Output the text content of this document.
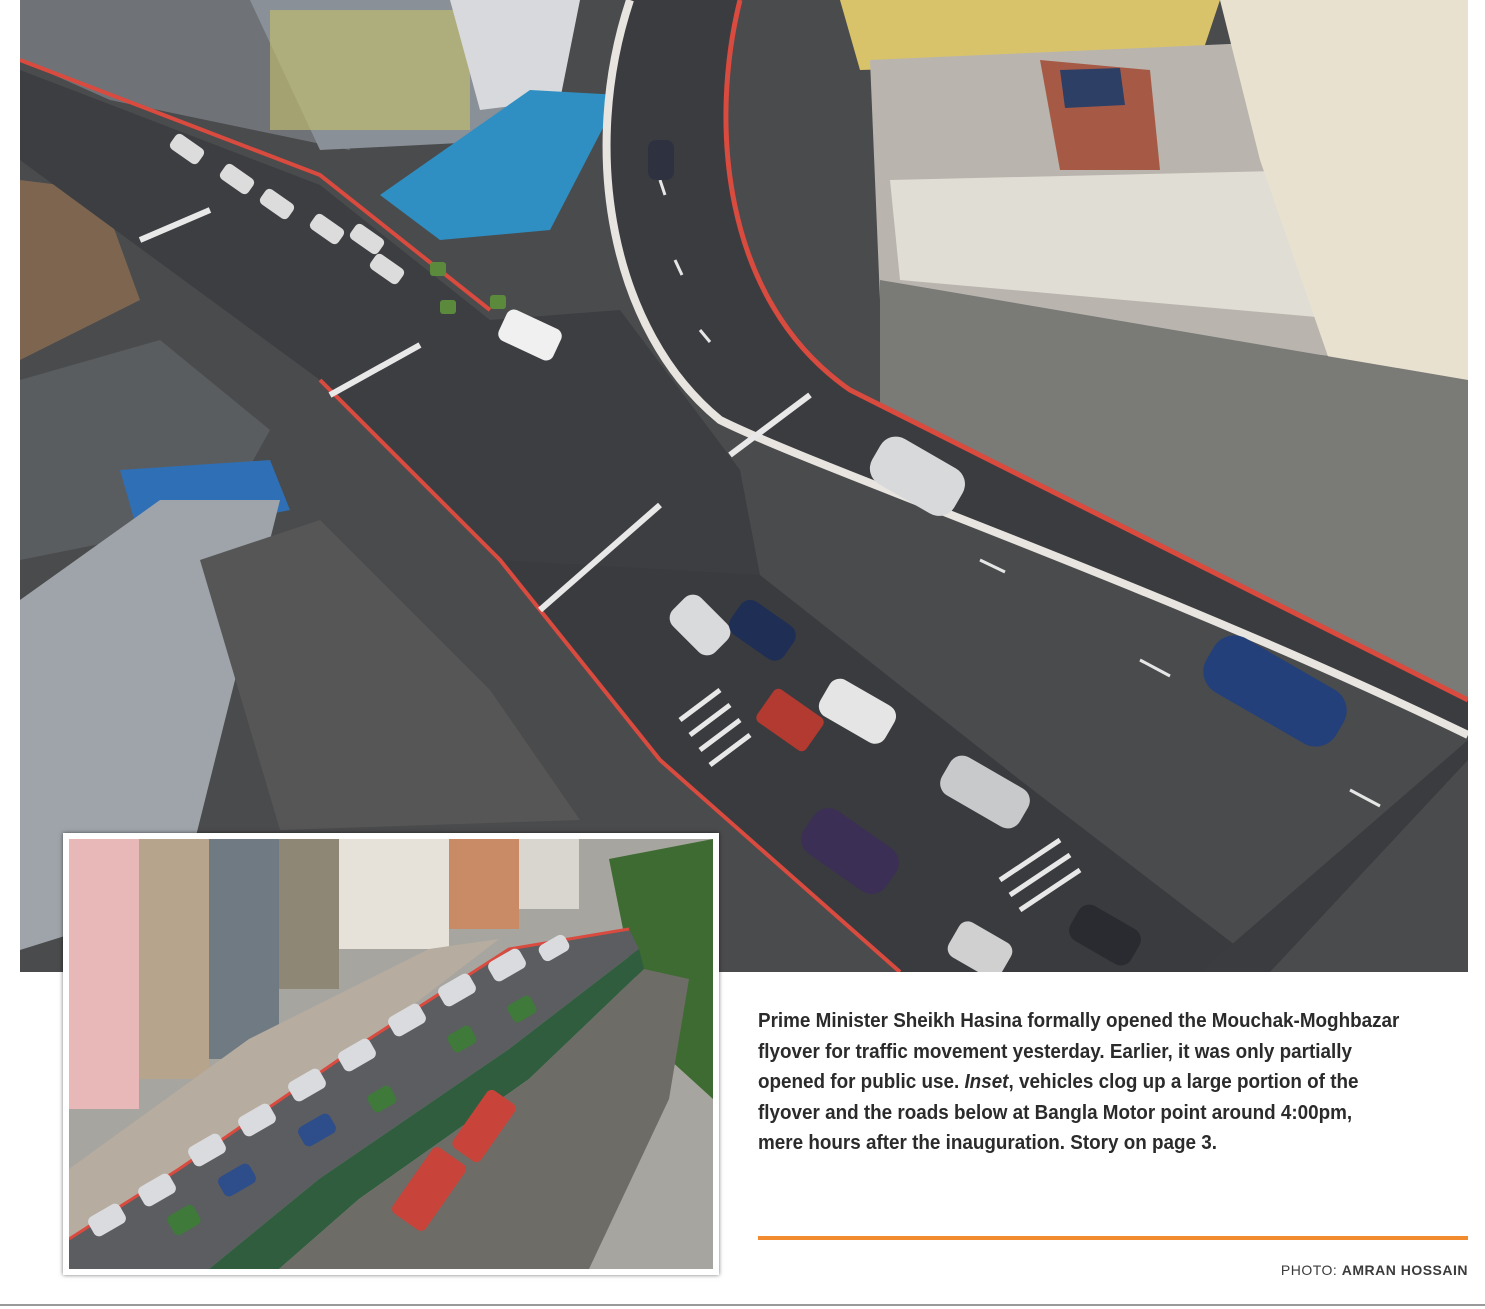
Prime Minister Sheikh Hasina formally opened the Mouchak-Moghbazar flyover for traffic movement yesterday. Earlier, it was only partially opened for public use. Inset, vehicles clog up a large portion of the flyover and the roads below at Bangla Motor point around 4:00pm, mere hours after the inauguration. Story on page 3.
PHOTO: AMRAN HOSSAIN
